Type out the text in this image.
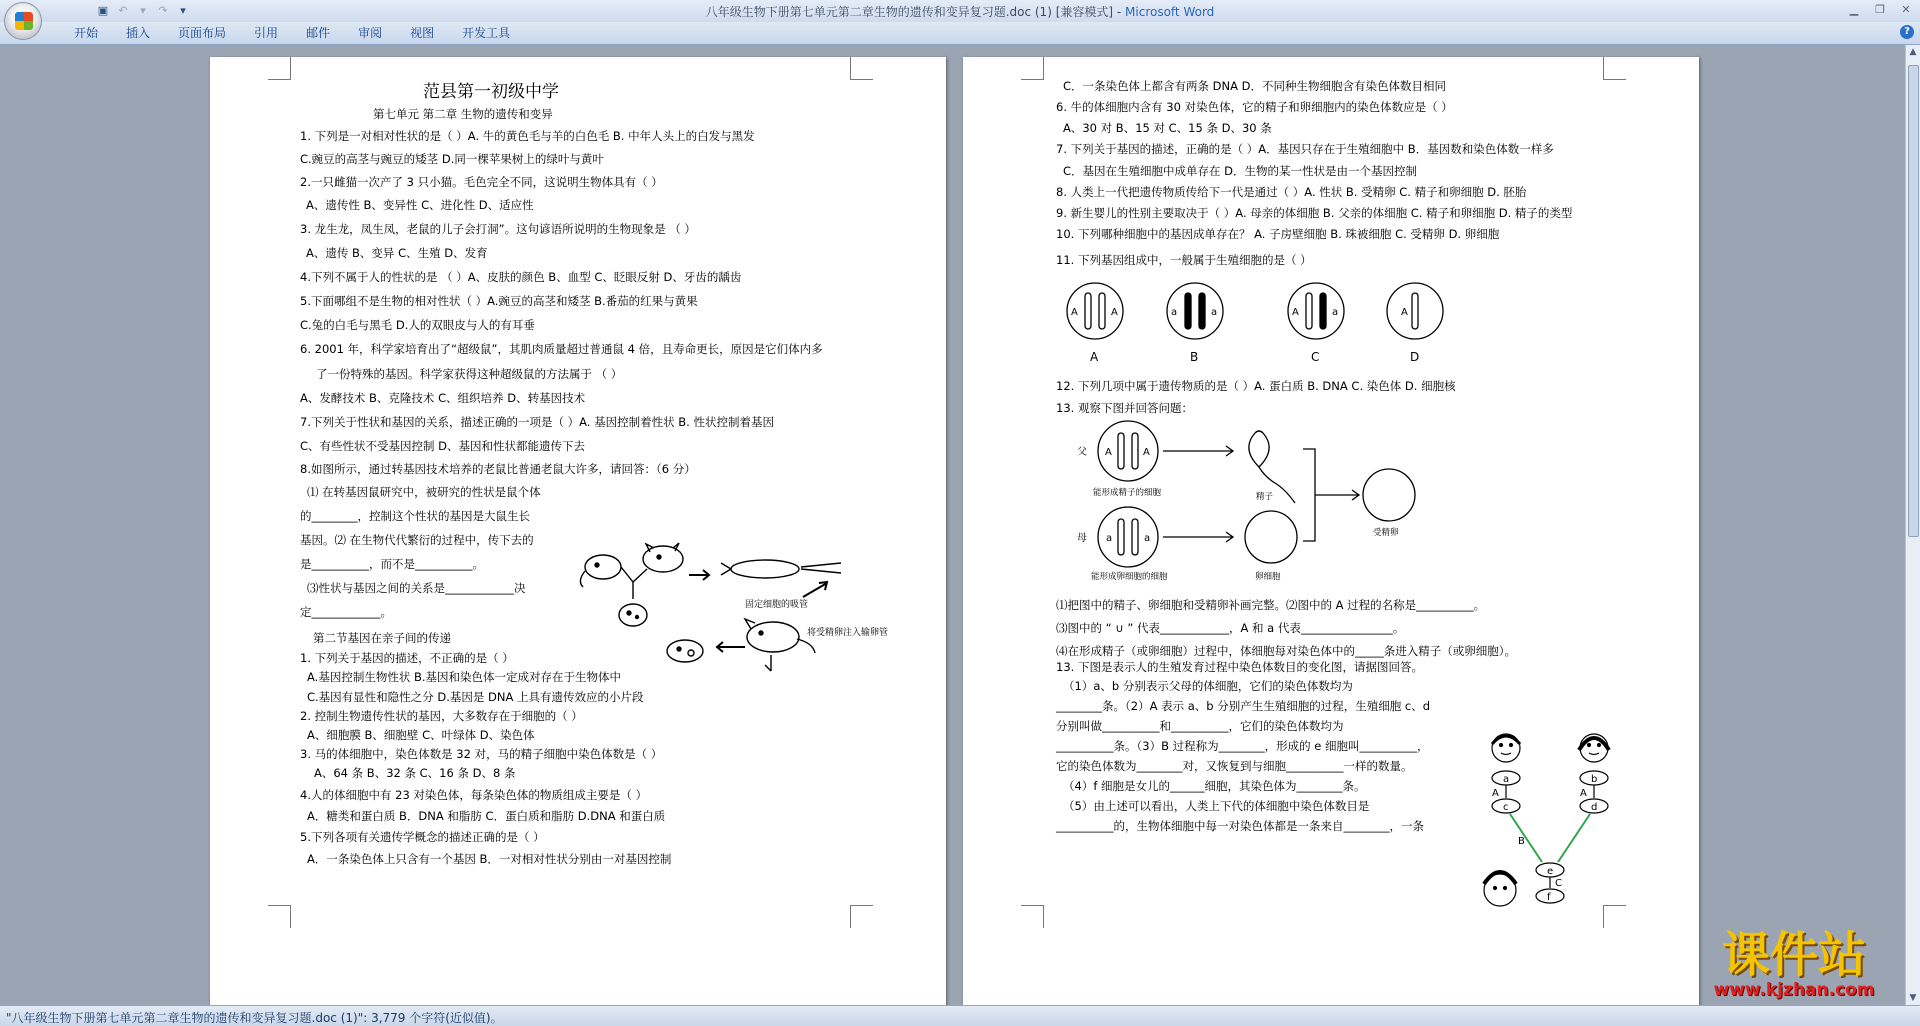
▣ ↶	▾	↷	▾	八年级生物下册第七单元第二章生物的遗传和变异复习题.doc (1) [兼容模式] - Microsoft Word	▁	❐	✕
开始	插入	页面布局	引用	邮件	审阅	视图	开发工具	?
范县第一初级中学
第七单元 第二章 生物的遗传和变异
1. 下列是一对相对性状的是（ ）A. 牛的黄色毛与羊的白色毛 B. 中年人头上的白发与黑发
C.豌豆的高茎与豌豆的矮茎 D.同一棵苹果树上的绿叶与黄叶
2.一只雌猫一次产了 3 只小猫。毛色完全不同，这说明生物体具有（ ）
A、遗传性 B、变异性 C、进化性 D、适应性
3. 龙生龙，凤生凤，老鼠的儿子会打洞”。这句谚语所说明的生物现象是 （ ）
A、遗传 B、变异 C、生殖 D、发育
4.下列不属于人的性状的是 （ ）A、皮肤的颜色 B、血型 C、眨眼反射 D、牙齿的龋齿
5.下面哪组不是生物的相对性状（ ）A.豌豆的高茎和矮茎 B.番茄的红果与黄果
C.兔的白毛与黑毛 D.人的双眼皮与人的有耳垂
6. 2001 年，科学家培育出了“超级鼠”，其肌肉质量超过普通鼠 4 倍，且寿命更长，原因是它们体内多
了一份特殊的基因。科学家获得这种超级鼠的方法属于 （ ）
A、发酵技术 B、克隆技术 C、组织培养 D、转基因技术
7.下列关于性状和基因的关系，描述正确的一项是（ ）A. 基因控制着性状 B. 性状控制着基因
C、有些性状不受基因控制 D、基因和性状都能遗传下去
8.如图所示，通过转基因技术培养的老鼠比普通老鼠大许多，请回答：（6 分）
⑴ 在转基因鼠研究中，被研究的性状是鼠个体
的________，控制这个性状的基因是大鼠生长
基因。⑵ 在生物代代繁衍的过程中，传下去的
是__________，而不是__________。
⑶性状与基因之间的关系是____________决
定____________。
第二节基因在亲子间的传递
1. 下列关于基因的描述，不正确的是（ ）
A.基因控制生物性状 B.基因和染色体一定成对存在于生物体中
C.基因有显性和隐性之分 D.基因是 DNA 上具有遗传效应的小片段
2. 控制生物遗传性状的基因，大多数存在于细胞的（ ）
A、细胞膜 B、细胞壁 C、叶绿体 D、染色体
3. 马的体细胞中，染色体数是 32 对，马的精子细胞中染色体数是（ ）
A、64 条 B、32 条 C、16 条 D、8 条
4.人的体细胞中有 23 对染色体，每条染色体的物质组成主要是（ ）
A．糖类和蛋白质 B．DNA 和脂肪 C．蛋白质和脂肪 D.DNA 和蛋白质
5.下列各项有关遗传学概念的描述正确的是（ ）
A．一条染色体上只含有一个基因 B．一对相对性状分别由一对基因控制
固定细胞的吸管
将受精卵注入输卵管
C．一条染色体上都含有两条 DNA D．不同种生物细胞含有染色体数目相同
6. 牛的体细胞内含有 30 对染色体，它的精子和卵细胞内的染色体数应是（ ）
A、30 对 B、15 对 C、15 条 D、30 条
7. 下列关于基因的描述，正确的是（ ）A．基因只存在于生殖细胞中 B．基因数和染色体数一样多
C．基因在生殖细胞中成单存在 D．生物的某一性状是由一个基因控制
8. 人类上一代把遗传物质传给下一代是通过（ ）A. 性状 B. 受精卵 C. 精子和卵细胞 D. 胚胎
9. 新生婴儿的性别主要取决于（ ）A. 母亲的体细胞 B. 父亲的体细胞 C. 精子和卵细胞 D. 精子的类型
10. 下列哪种细胞中的基因成单存在？ A. 子房壁细胞 B. 珠被细胞 C. 受精卵 D. 卵细胞
11. 下列基因组成中，一般属于生殖细胞的是（ ）
A	A	a	a	A	a	A
A	B	C	D
12. 下列几项中属于遗传物质的是（ ）A. 蛋白质 B. DNA C. 染色体 D. 细胞核
13. 观察下图并回答问题：
父 A	A
母 a	a
能形成精子的细胞	精子
能形成卵细胞的细胞	卵细胞
受精卵
⑴把图中的精子、卵细胞和受精卵补画完整。⑵图中的 A 过程的名称是__________。
⑶图中的 “ ∪ ” 代表____________，A 和 a 代表________________。
⑷在形成精子（或卵细胞）过程中，体细胞每对染色体中的_____条进入精子（或卵细胞）。
13. 下图是表示人的生殖发育过程中染色体数目的变化图，请据图回答。
（1）a、b 分别表示父母的体细胞，它们的染色体数均为
________条。（2）A 表示 a、b 分别产生生殖细胞的过程，生殖细胞 c、d
分别叫做__________和__________，它们的染色体数均为
__________条。（3）B 过程称为________，形成的 e 细胞叫__________，
它的染色体数为________对，又恢复到与细胞__________一样的数量。
（4）f 细胞是女儿的______细胞，其染色体为________条。
（5）由上述可以看出，人类上下代的体细胞中染色体数目是
__________的，生物体细胞中每一对染色体都是一条来自________，一条
a	b
A	A
c	d
B
e
C
f
▲
▼
"八年级生物下册第七单元第二章生物的遗传和变异复习题.doc (1)": 3,779 个字符(近似值)。
课件站
www.kjzhan.com
